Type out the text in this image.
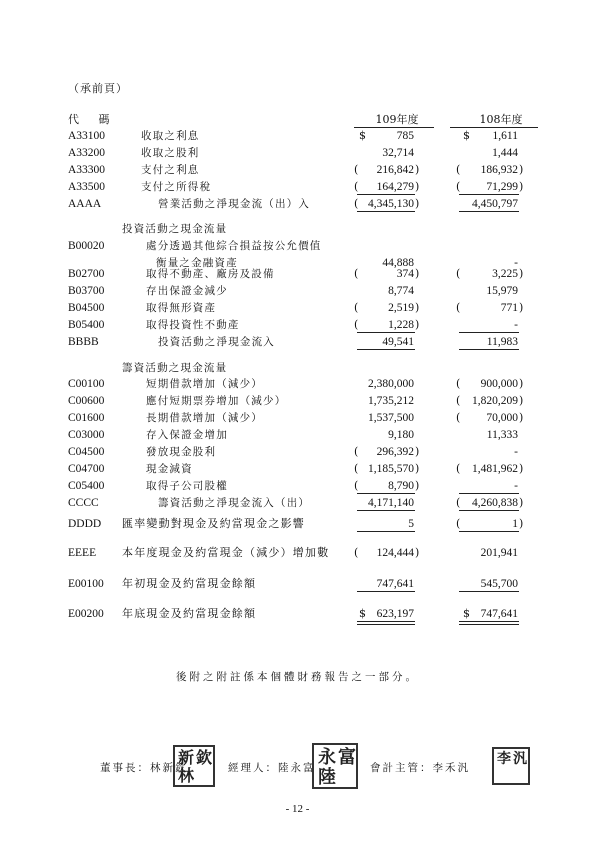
（承前頁）
代 碼	109年度	108年度
A33100	收取之利息	$	785	$	1,611
A33200	收取之股利	32,714	1,444
A33300	支付之利息	(	216,842 )	(	186,932 )
A33500	支付之所得稅	(	164,279 )	(	71,299 )
AAAA	營業活動之淨現金流（出）入	( 4,345,130 )	4,450,797
投資活動之現金流量
B00020	處分透過其他綜合損益按公允價值
衡量之金融資產	44,888	-
B02700	取得不動產、廠房及設備	(	374 )	(	3,225 )
B03700	存出保證金減少	8,774	15,979
B04500	取得無形資產	(	2,519 )	(	771 )
B05400	取得投資性不動產	(	1,228 )	-
BBBB	投資活動之淨現金流入	49,541	11,983
籌資活動之現金流量
C00100	短期借款增加（減少）	2,380,000	(	900,000 )
C00600	應付短期票券增加（減少）	1,735,212	(	1,820,209 )
C01600	長期借款增加（減少）	1,537,500	(	70,000 )
C03000	存入保證金增加	9,180	11,333
C04500	發放現金股利	(	296,392 )	-
C04700	現金減資	( 1,185,570 )	(	1,481,962 )
C05400	取得子公司股權	(	8,790 )	-
CCCC	籌資活動之淨現金流入（出）	4,171,140	(	4,260,838 )
DDDD 匯率變動對現金及約當現金之影響	5	(	1 )
EEEE 本年度現金及約當現金（減少）增加數 (	124,444 )	201,941
E00100 年初現金及約當現金餘額	747,641	545,700
E00200 年底現金及約當現金餘額	$ 623,197	$ 747,641
後附之附註係本個體財務報告之一部分。
董事長：林新欽
新 欽
林	經理人：陸永富 永 富
陸	會計主管：李禾汎
李 汎
- 12 -
